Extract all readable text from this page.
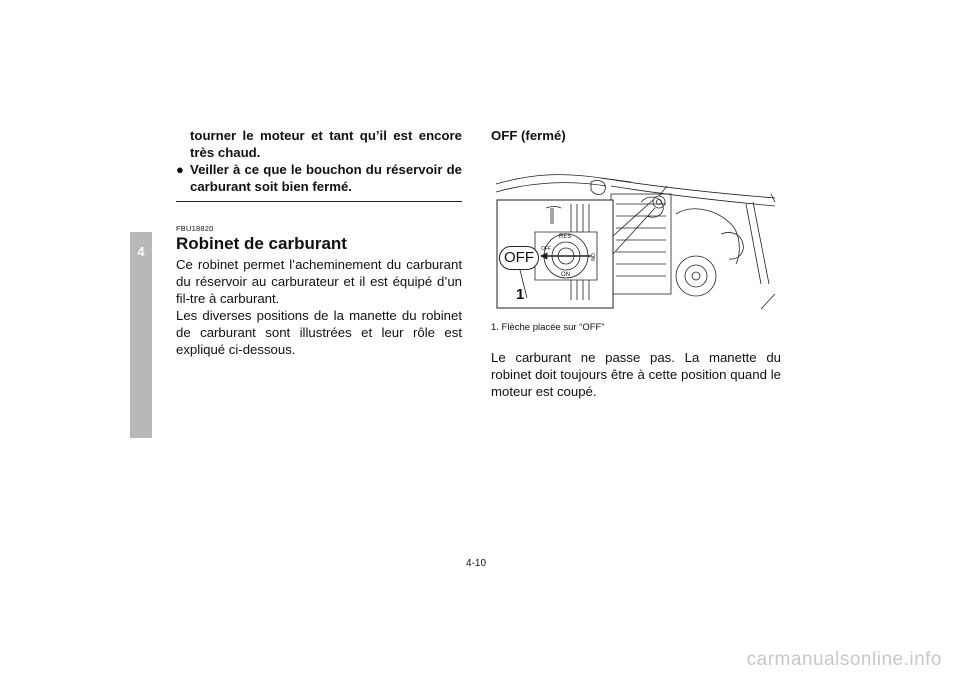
4
tourner le moteur et tant qu’il est encore très chaud.
● Veiller à ce que le bouchon du réservoir de carburant soit bien fermé.
FBU18820
Robinet de carburant
Ce robinet permet l’acheminement du carburant du réservoir au carburateur et il est équipé d’un fil-tre à carburant.
Les diverses positions de la manette du robinet de carburant sont illustrées et leur rôle est expliqué ci-dessous.
OFF (fermé)
OFF
RES
OFF
ON
ON
1
1. Flèche placée sur “OFF”
Le carburant ne passe pas. La manette du robinet doit toujours être à cette position quand le moteur est coupé.
4-10
carmanualsonline.info
